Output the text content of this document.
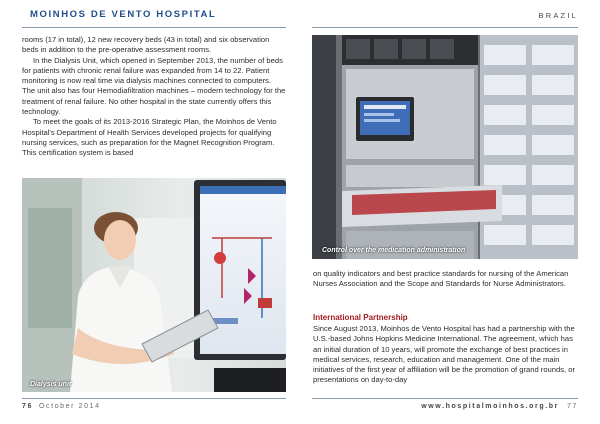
MOINHOS DE VENTO HOSPITAL	BRAZIL

rooms (17 in total), 12 new recovery beds (43 in total) and six observation beds in addition to the pre-operative assessment rooms.

In the Dialysis Unit, which opened in September 2013, the number of beds for patients with chronic renal failure was expanded from 14 to 22. Patient monitoring is now real time via dialysis machines connected to computers. The unit also has four Hemodiafiltration machines – modern technology for the treatment of renal failure. No other hospital in the state currently offers this technology.

To meet the goals of its 2013-2016 Strategic Plan, the Moinhos de Vento Hospital's Department of Health Services developed projects for qualifying nursing services, such as preparation for the Magnet Recognition Program. This certification system is based

Dialysis unit
Control over the medication administration

on quality indicators and best practice standards for nursing of the American Nurses Association and the Scope and Standards for Nurse Administrators.

International Partnership

Since August 2013, Moinhos de Vento Hospital has had a partnership with the U.S.-based Johns Hopkins Medicine International. The agreement, which has an initial duration of 10 years, will promote the exchange of best practices in medical services, research, education and management. One of the main initiatives of the first year of affiliation will be the promotion of grand rounds, or presentations on day-to-day

76 October 2014	www.hospitalmoinhos.org.br 77
